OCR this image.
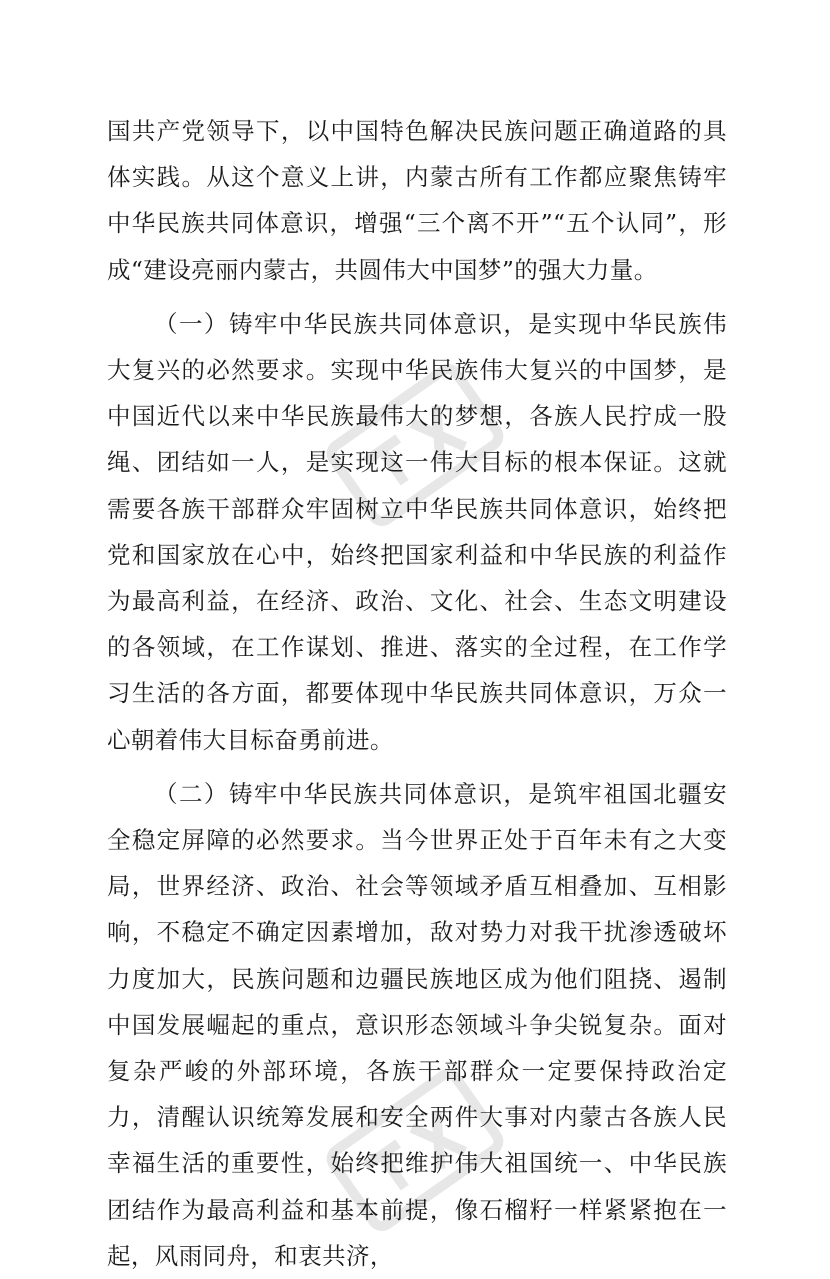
国共产党领导下，以中国特色解决民族问题正确道路的具体实践。从这个意义上讲，内蒙古所有工作都应聚焦铸牢中华民族共同体意识，增强“三个离不开”“五个认同”，形成“建设亮丽内蒙古，共圆伟大中国梦”的强大力量。

（一）铸牢中华民族共同体意识，是实现中华民族伟大复兴的必然要求。实现中华民族伟大复兴的中国梦，是中国近代以来中华民族最伟大的梦想，各族人民拧成一股绳、团结如一人，是实现这一伟大目标的根本保证。这就需要各族干部群众牢固树立中华民族共同体意识，始终把党和国家放在心中，始终把国家利益和中华民族的利益作为最高利益，在经济、政治、文化、社会、生态文明建设的各领域，在工作谋划、推进、落实的全过程，在工作学习生活的各方面，都要体现中华民族共同体意识，万众一心朝着伟大目标奋勇前进。

（二）铸牢中华民族共同体意识，是筑牢祖国北疆安全稳定屏障的必然要求。当今世界正处于百年未有之大变局，世界经济、政治、社会等领域矛盾互相叠加、互相影响，不稳定不确定因素增加，敌对势力对我干扰渗透破坏力度加大，民族问题和边疆民族地区成为他们阻挠、遏制中国发展崛起的重点，意识形态领域斗争尖锐复杂。面对复杂严峻的外部环境，各族干部群众一定要保持政治定力，清醒认识统筹发展和安全两件大事对内蒙古各族人民幸福生活的重要性，始终把维护伟大祖国统一、中华民族团结作为最高利益和基本前提，像石榴籽一样紧紧抱在一起，风雨同舟，和衷共济，
